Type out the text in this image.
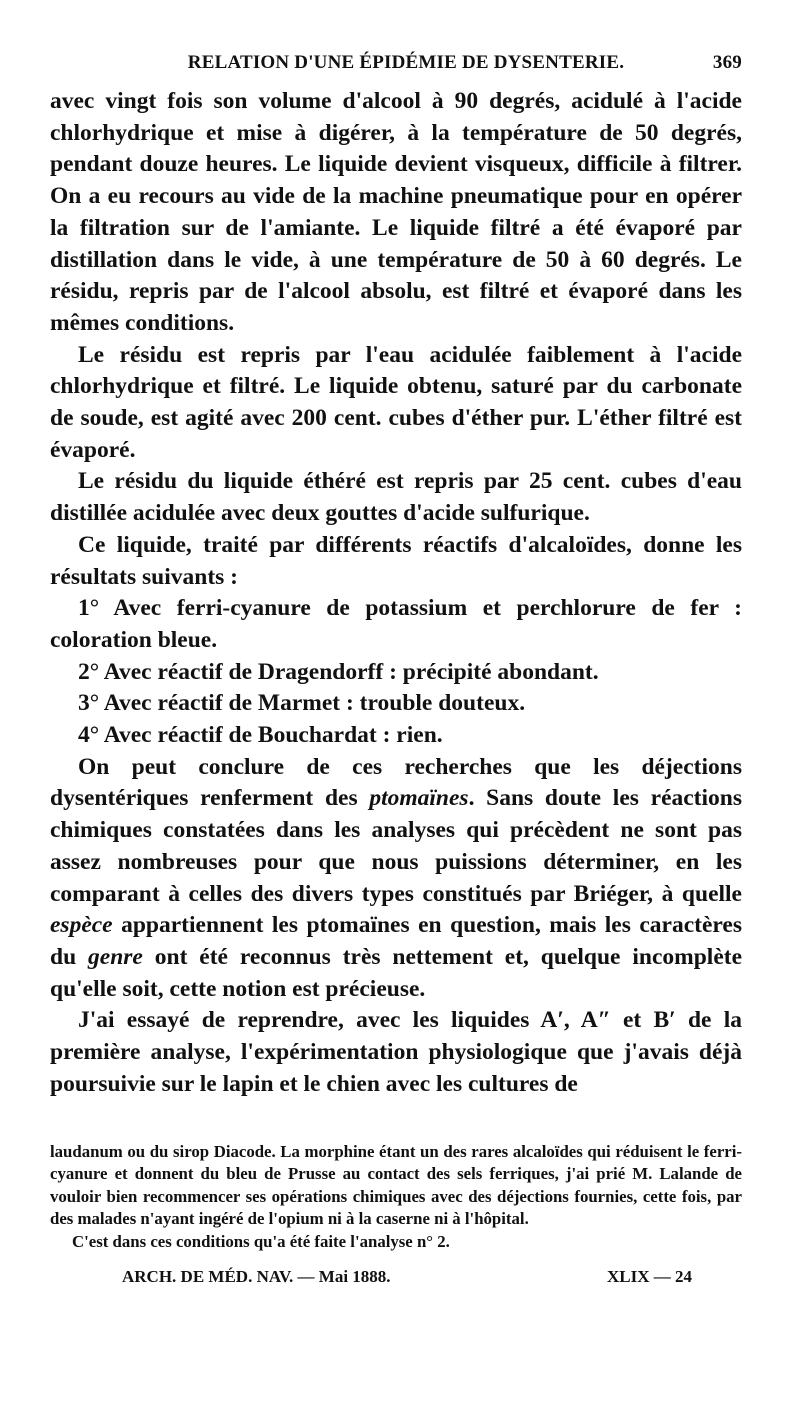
RELATION D'UNE ÉPIDÉMIE DE DYSENTERIE.	369

avec vingt fois son volume d'alcool à 90 degrés, acidulé à l'acide chlorhydrique et mise à digérer, à la température de 50 degrés, pendant douze heures. Le liquide devient visqueux, difficile à filtrer. On a eu recours au vide de la machine pneumatique pour en opérer la filtration sur de l'amiante. Le liquide filtré a été évaporé par distillation dans le vide, à une température de 50 à 60 degrés. Le résidu, repris par de l'alcool absolu, est filtré et évaporé dans les mêmes conditions.

Le résidu est repris par l'eau acidulée faiblement à l'acide chlorhydrique et filtré. Le liquide obtenu, saturé par du carbonate de soude, est agité avec 200 cent. cubes d'éther pur. L'éther filtré est évaporé.

Le résidu du liquide éthéré est repris par 25 cent. cubes d'eau distillée acidulée avec deux gouttes d'acide sulfurique.

Ce liquide, traité par différents réactifs d'alcaloïdes, donne les résultats suivants :

1° Avec ferri-cyanure de potassium et perchlorure de fer : coloration bleue.

2° Avec réactif de Dragendorff : précipité abondant.

3° Avec réactif de Marmet : trouble douteux.

4° Avec réactif de Bouchardat : rien.

On peut conclure de ces recherches que les déjections dysentériques renferment des ptomaïnes. Sans doute les réactions chimiques constatées dans les analyses qui précèdent ne sont pas assez nombreuses pour que nous puissions déterminer, en les comparant à celles des divers types constitués par Briéger, à quelle espèce appartiennent les ptomaïnes en question, mais les caractères du genre ont été reconnus très nettement et, quelque incomplète qu'elle soit, cette notion est précieuse.

J'ai essayé de reprendre, avec les liquides A′, A″ et B′ de la première analyse, l'expérimentation physiologique que j'avais déjà poursuivie sur le lapin et le chien avec les cultures de

laudanum ou du sirop Diacode. La morphine étant un des rares alcaloïdes qui réduisent le ferri-cyanure et donnent du bleu de Prusse au contact des sels ferriques, j'ai prié M. Lalande de vouloir bien recommencer ses opérations chimiques avec des déjections fournies, cette fois, par des malades n'ayant ingéré de l'opium ni à la caserne ni à l'hôpital.

C'est dans ces conditions qu'a été faite l'analyse n° 2.

ARCH. DE MÉD. NAV. — Mai 1888.	XLIX — 24
